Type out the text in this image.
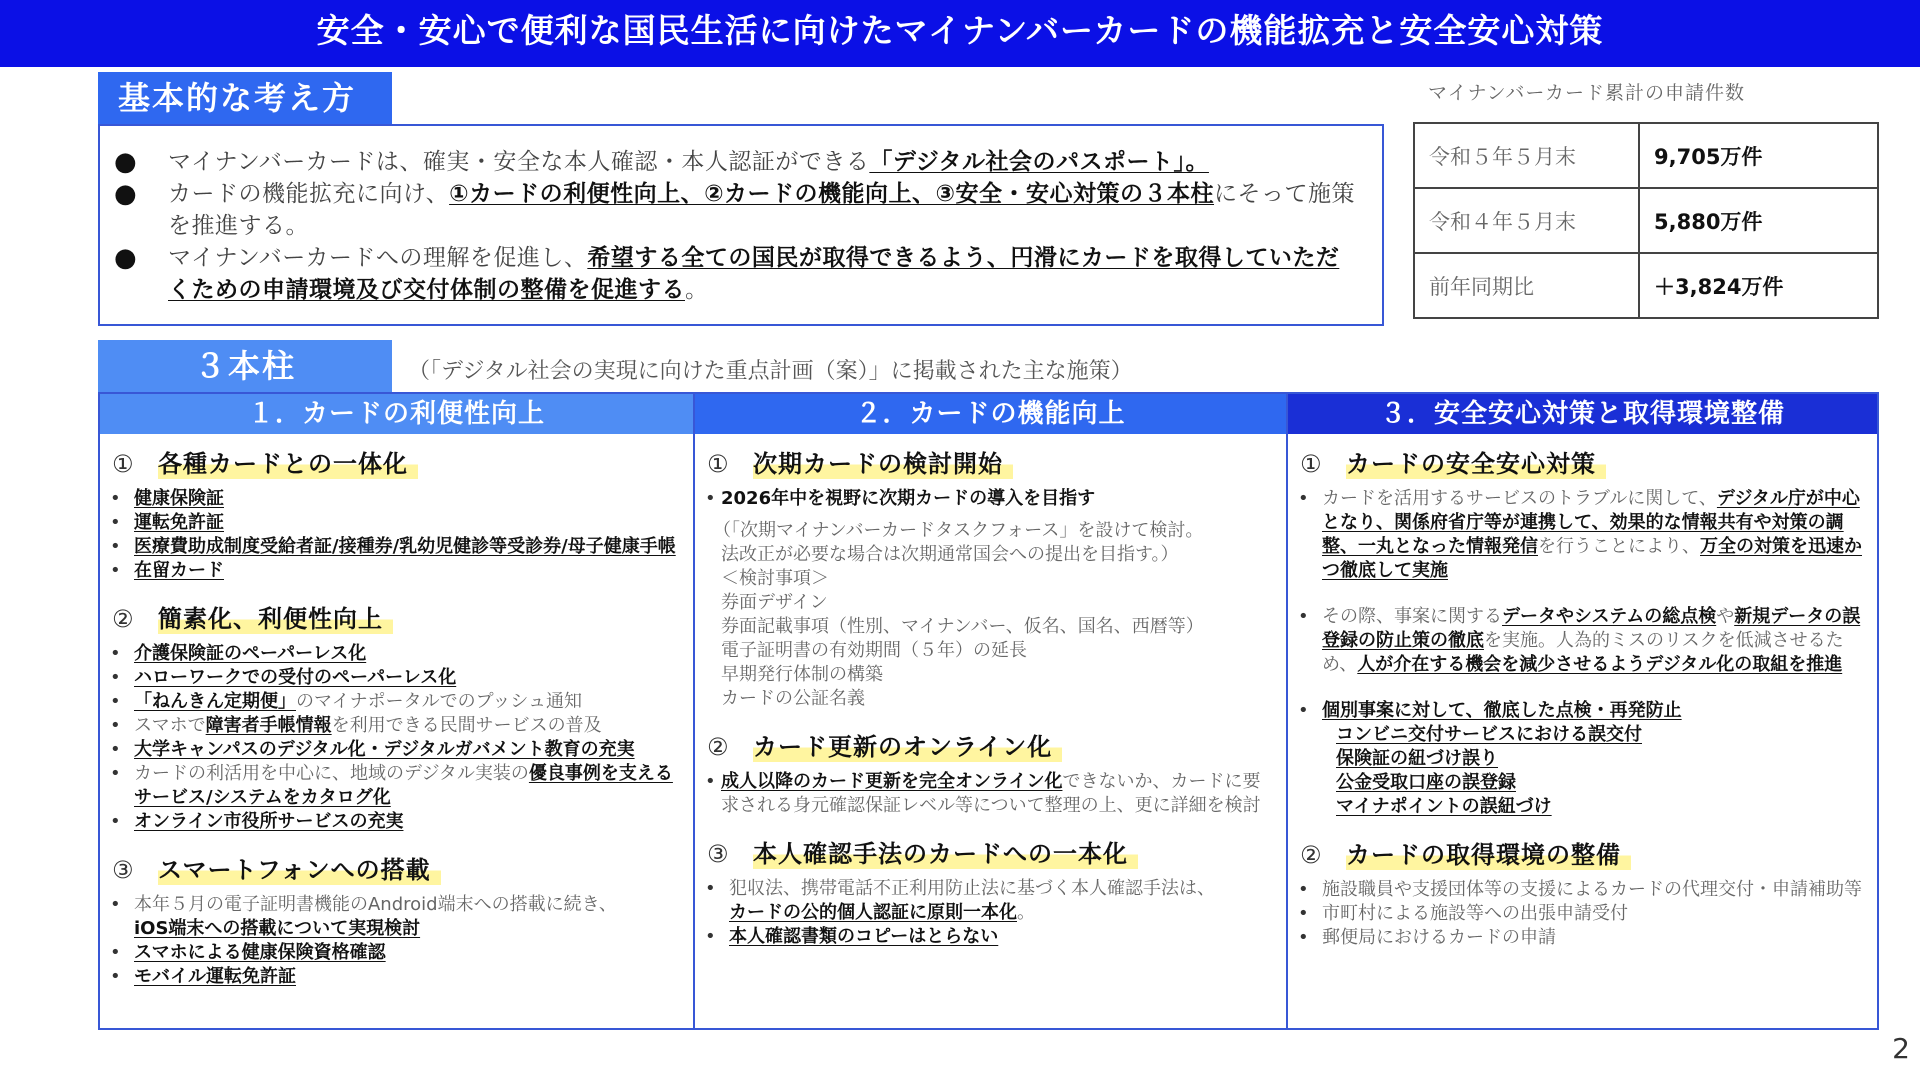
安全・安心で便利な国民生活に向けたマイナンバーカードの機能拡充と安全安心対策
基本的な考え方
●	マイナンバーカードは、確実・安全な本人確認・本人認証ができる「デジタル社会のパスポート」。
●	カードの機能拡充に向け、①カードの利便性向上、②カードの機能向上、③安全・安心対策の３本柱にそって施策を推進する。
●	マイナンバーカードへの理解を促進し、希望する全ての国民が取得できるよう、円滑にカードを取得していただくための申請環境及び交付体制の整備を促進する。
マイナンバーカード累計の申請件数
令和５年５月末	9,705万件
令和４年５月末	5,880万件
前年同期比	＋3,824万件
３本柱	（「デジタル社会の実現に向けた重点計画（案）」に掲載された主な施策）
１．カードの利便性向上
①	各種カードとの一体化
• 健康保険証
• 運転免許証
• 医療費助成制度受給者証/接種券/乳幼児健診等受診券/母子健康手帳
• 在留カード
②	簡素化、利便性向上
• 介護保険証のペーパーレス化
• ハローワークでの受付のペーパーレス化
• 「ねんきん定期便」のマイナポータルでのプッシュ通知
• スマホで障害者手帳情報を利用できる民間サービスの普及
• 大学キャンパスのデジタル化・デジタルガバメント教育の充実
• カードの利活用を中心に、地域のデジタル実装の優良事例を支えるサービス/システムをカタログ化
• オンライン市役所サービスの充実
③	スマートフォンへの搭載
• 本年５月の電子証明書機能のAndroid端末への搭載に続き、
iOS端末への搭載について実現検討
• スマホによる健康保険資格確認
• モバイル運転免許証
２．カードの機能向上
①	次期カードの検討開始
• 2026年中を視野に次期カードの導入を目指す
（「次期マイナンバーカードタスクフォース」を設けて検討。
法改正が必要な場合は次期通常国会への提出を目指す。）
＜検討事項＞
券面デザイン
券面記載事項（性別、マイナンバー、仮名、国名、西暦等）
電子証明書の有効期間（５年）の延長
早期発行体制の構築
カードの公証名義
②	カード更新のオンライン化
• 成人以降のカード更新を完全オンライン化できないか、カードに要求される身元確認保証レベル等について整理の上、更に詳細を検討
③	本人確認手法のカードへの一本化
• 犯収法、携帯電話不正利用防止法に基づく本人確認手法は、
カードの公的個人認証に原則一本化。
• 本人確認書類のコピーはとらない
３．安全安心対策と取得環境整備
①	カードの安全安心対策
• カードを活用するサービスのトラブルに関して、デジタル庁が中心となり、関係府省庁等が連携して、効果的な情報共有や対策の調整、一丸となった情報発信を行うことにより、万全の対策を迅速かつ徹底して実施
• その際、事案に関するデータやシステムの総点検や新規データの誤登録の防止策の徹底を実施。人為的ミスのリスクを低減させるため、人が介在する機会を減少させるようデジタル化の取組を推進
• 個別事案に対して、徹底した点検・再発防止
コンビニ交付サービスにおける誤交付
保険証の紐づけ誤り
公金受取口座の誤登録
マイナポイントの誤紐づけ
②	カードの取得環境の整備
• 施設職員や支援団体等の支援によるカードの代理交付・申請補助等
• 市町村による施設等への出張申請受付
• 郵便局におけるカードの申請
2
